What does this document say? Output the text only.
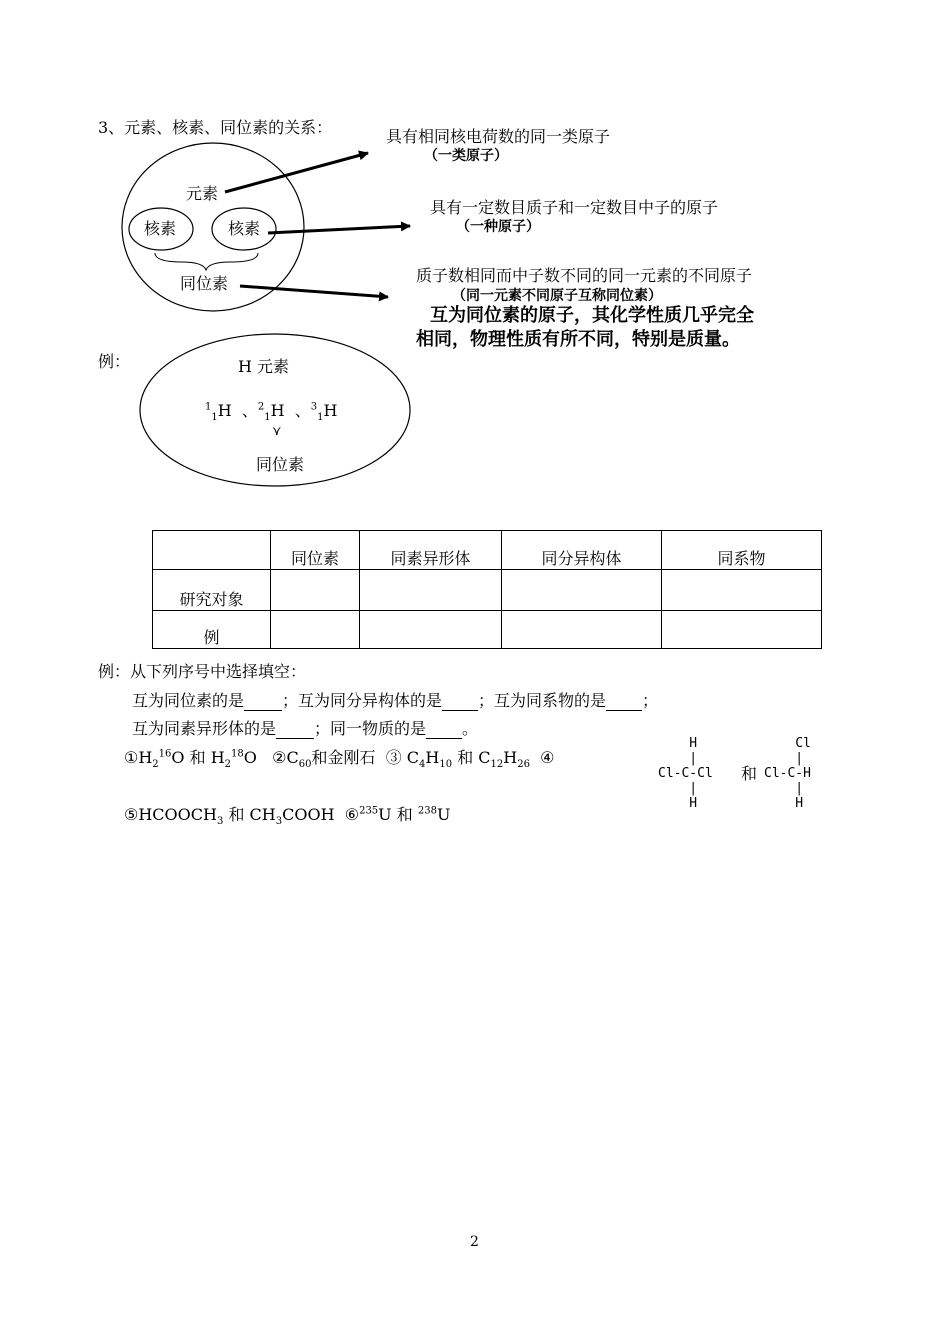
3、元素、核素、同位素的关系：
元素
核素	核素
同位素
具有相同核电荷数的同一类原子
（一类原子）
具有一定数目质子和一定数目中子的原子
（一种原子）
质子数相同而中子数不同的同一元素的不同原子
（同一元素不同原子互称同位素）
互为同位素的原子，其化学性质几乎完全
相同，物理性质有所不同，特别是质量。
例：	H 元素
$^1_1$H  、$^2_1$H  、$^3_1$H
⋎
同位素
	同位素	同素异形体	同分异构体	同系物
研究对象				
例				
例：从下列序号中选择填空：
互为同位素的是 ；互为同分异构体的是 ；互为同系物的是 ；
互为同素异形体的是 ；同一物质的是 。
$①H_2^{16}O$ 和 $H_2^{18}O$   $②C_{60}$和金刚石 ③ $C_4H_{10}$ 和 $C_{12}H_{26}$  ④
H
|
Cl-C-Cl
|
H
和
Cl
|
Cl-C-H
|
H
$⑤HCOOCH_3$ 和 $CH_3COOH$ ⑥$^{235}$U 和 $^{238}$U
2
